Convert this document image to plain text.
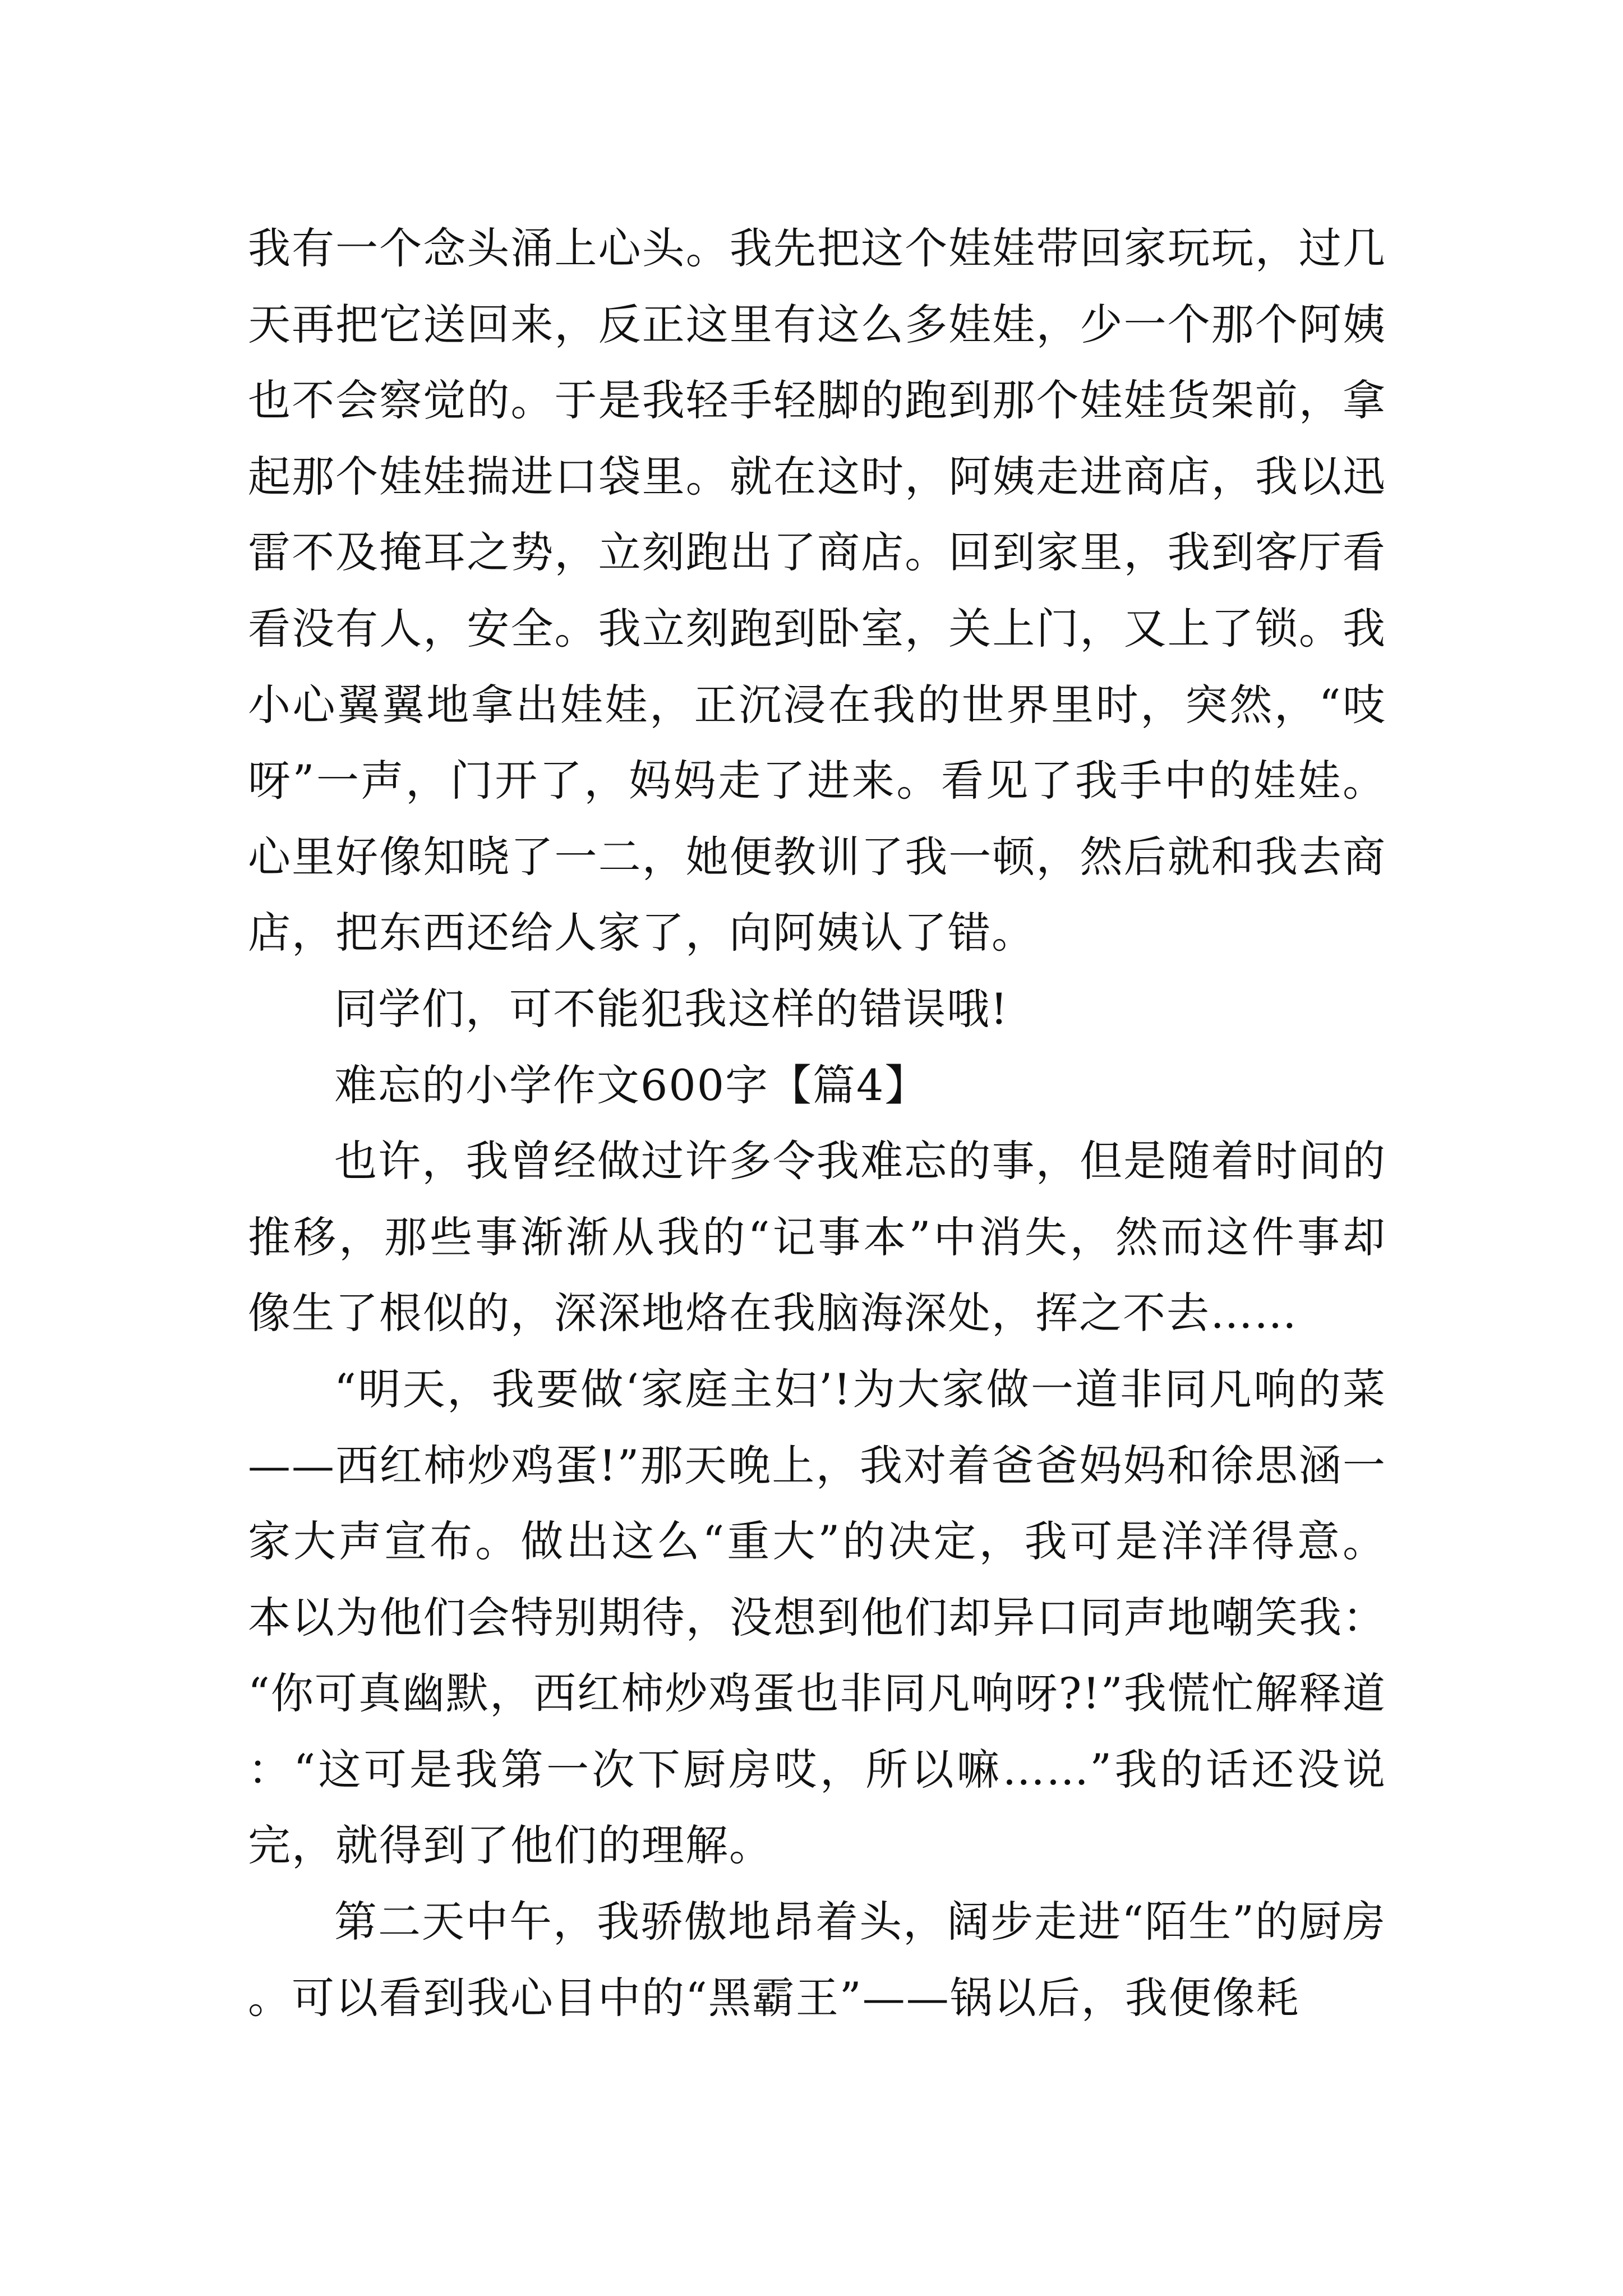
我有一个念头涌上心头。我先把这个娃娃带回家玩玩，过几天再把它送回来，反正这里有这么多娃娃，少一个那个阿姨也不会察觉的。于是我轻手轻脚的跑到那个娃娃货架前，拿起那个娃娃揣进口袋里。就在这时，阿姨走进商店，我以迅雷不及掩耳之势，立刻跑出了商店。回到家里，我到客厅看看没有人，安全。我立刻跑到卧室，关上门，又上了锁。我小心翼翼地拿出娃娃，正沉浸在我的世界里时，突然，“吱呀”一声，门开了，妈妈走了进来。看见了我手中的娃娃。心里好像知晓了一二，她便教训了我一顿，然后就和我去商店，把东西还给人家了，向阿姨认了错。

同学们，可不能犯我这样的错误哦!

难忘的小学作文600字【篇4】

也许，我曾经做过许多令我难忘的事，但是随着时间的推移，那些事渐渐从我的“记事本”中消失，然而这件事却像生了根似的，深深地烙在我脑海深处，挥之不去……

“明天，我要做‘家庭主妇’!为大家做一道非同凡响的菜——西红柿炒鸡蛋!”那天晚上，我对着爸爸妈妈和徐思涵一家大声宣布。做出这么“重大”的决定，我可是洋洋得意。本以为他们会特别期待，没想到他们却异口同声地嘲笑我：“你可真幽默，西红柿炒鸡蛋也非同凡响呀?!”我慌忙解释道：“这可是我第一次下厨房哎，所以嘛……”我的话还没说完，就得到了他们的理解。

第二天中午，我骄傲地昂着头，阔步走进“陌生”的厨房。可以看到我心目中的“黑霸王”——锅以后，我便像耗
